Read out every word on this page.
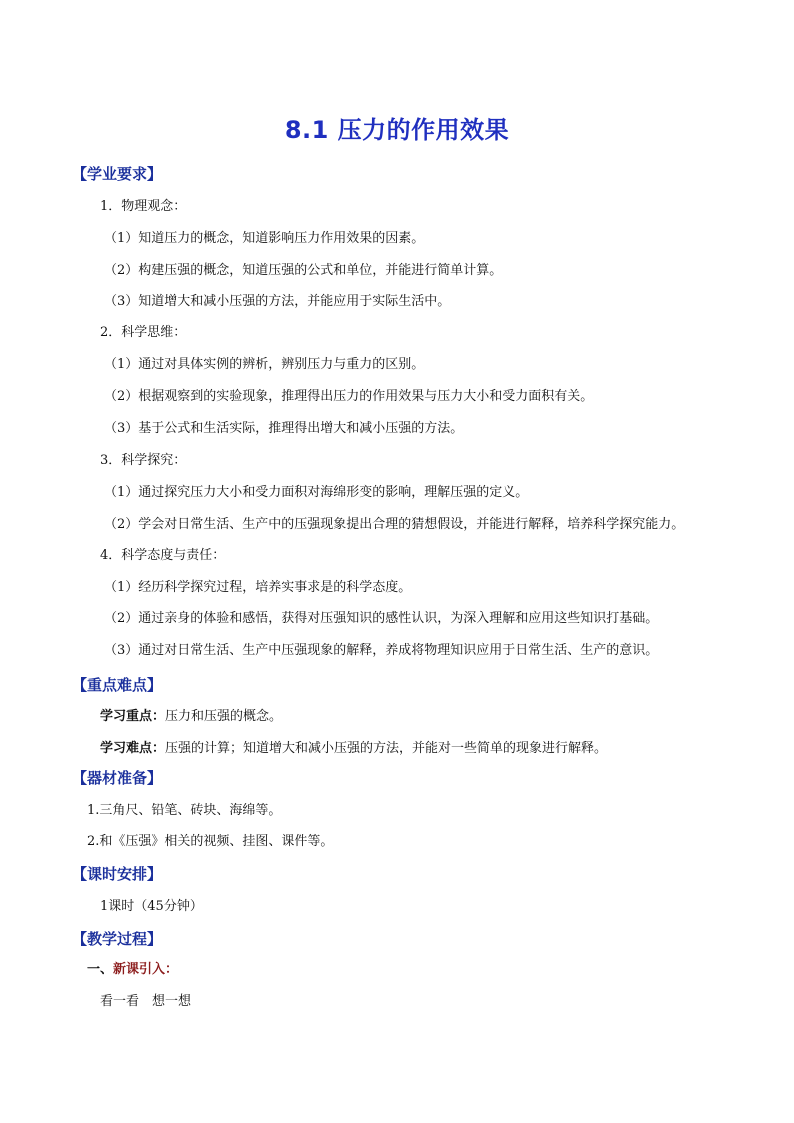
8.1 压力的作用效果
【学业要求】
1．物理观念：
（1）知道压力的概念，知道影响压力作用效果的因素。
（2）构建压强的概念，知道压强的公式和单位，并能进行简单计算。
（3）知道增大和减小压强的方法，并能应用于实际生活中。
2．科学思维：
（1）通过对具体实例的辨析，辨别压力与重力的区别。
（2）根据观察到的实验现象，推理得出压力的作用效果与压力大小和受力面积有关。
（3）基于公式和生活实际，推理得出增大和减小压强的方法。
3．科学探究：
（1）通过探究压力大小和受力面积对海绵形变的影响，理解压强的定义。
（2）学会对日常生活、生产中的压强现象提出合理的猜想假设，并能进行解释，培养科学探究能力。
4．科学态度与责任：
（1）经历科学探究过程，培养实事求是的科学态度。
（2）通过亲身的体验和感悟，获得对压强知识的感性认识，为深入理解和应用这些知识打基础。
（3）通过对日常生活、生产中压强现象的解释，养成将物理知识应用于日常生活、生产的意识。
【重点难点】
学习重点：压力和压强的概念。
学习难点：压强的计算；知道增大和减小压强的方法，并能对一些简单的现象进行解释。
【器材准备】
1.三角尺、铅笔、砖块、海绵等。
2.和《压强》相关的视频、挂图、课件等。
【课时安排】
1课时（45分钟）
【教学过程】
一、新课引入：
看一看　想一想
